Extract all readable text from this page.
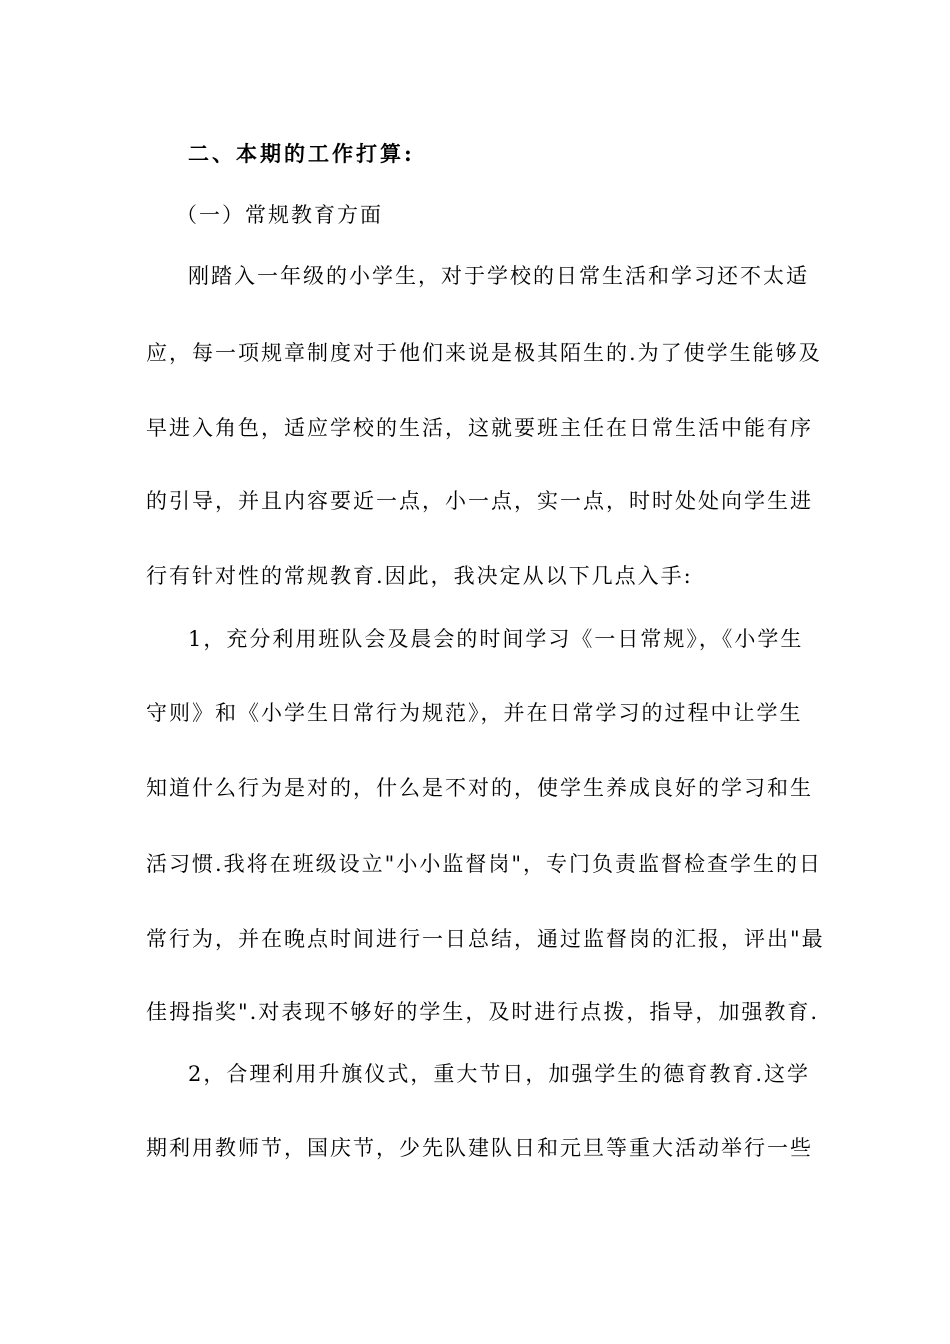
二、本期的工作打算:
（一）常规教育方面
刚踏入一年级的小学生，对于学校的日常生活和学习还不太适
应，每一项规章制度对于他们来说是极其陌生的.为了使学生能够及
早进入角色，适应学校的生活，这就要班主任在日常生活中能有序
的引导，并且内容要近一点，小一点，实一点，时时处处向学生进
行有针对性的常规教育.因此，我决定从以下几点入手:
1，充分利用班队会及晨会的时间学习《一日常规》，《小学生
守则》和《小学生日常行为规范》，并在日常学习的过程中让学生
知道什么行为是对的，什么是不对的，使学生养成良好的学习和生
活习惯.我将在班级设立"小小监督岗"，专门负责监督检查学生的日
常行为，并在晚点时间进行一日总结，通过监督岗的汇报，评出"最
佳拇指奖".对表现不够好的学生，及时进行点拨，指导，加强教育.
2，合理利用升旗仪式，重大节日，加强学生的德育教育.这学
期利用教师节，国庆节，少先队建队日和元旦等重大活动举行一些
